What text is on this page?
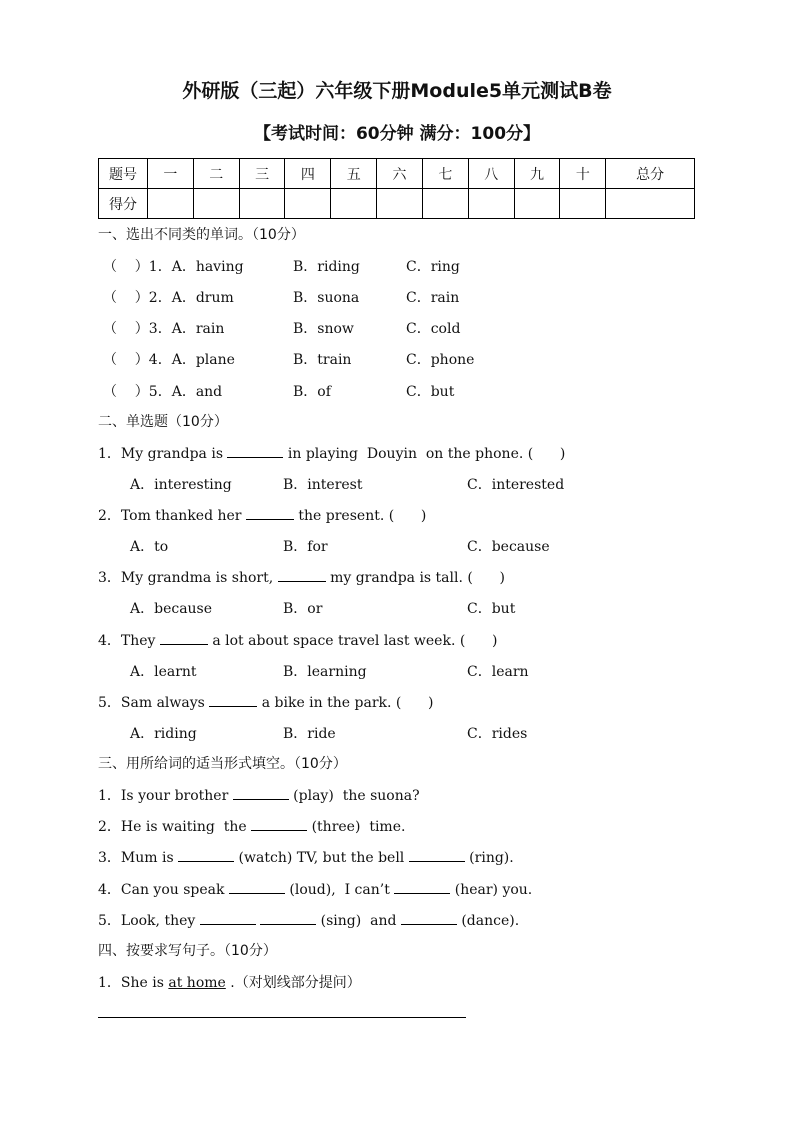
外研版（三起）六年级下册Module5单元测试B卷
【考试时间：60分钟 满分：100分】
题号	一	二	三	四	五	六	七	八	九	十	总分
得分											
一、选出不同类的单词。（10分）
（    ）1．A．having	B．riding	C．ring
（    ）2．A．drum	B．suona	C．rain
（    ）3．A．rain	B．snow	C．cold
（    ）4．A．plane	B．train	C．phone
（    ）5．A．and	B．of	C．but
二、单选题（10分）
1．My grandpa is	in playing  Douyin  on the phone. (      )
A．interesting	B．interest	C．interested
2．Tom thanked her	the present. (      )
A．to	B．for	C．because
3．My grandma is short,	my grandpa is tall. (      )
A．because	B．or	C．but
4．They	a lot about space travel last week. (      )
A．learnt	B．learning	C．learn
5．Sam always	a bike in the park. (      )
A．riding	B．ride	C．rides
三、用所给词的适当形式填空。（10分）
1．Is your brother	(play)  the suona?
2．He is waiting  the	(three)  time.
3．Mum is	(watch) TV, but the bell	(ring).
4．Can you speak	(loud),  I can’t	(hear) you.
5．Look, they	(sing)  and	(dance).
四、按要求写句子。（10分）
1．She is at home .（对划线部分提问）
